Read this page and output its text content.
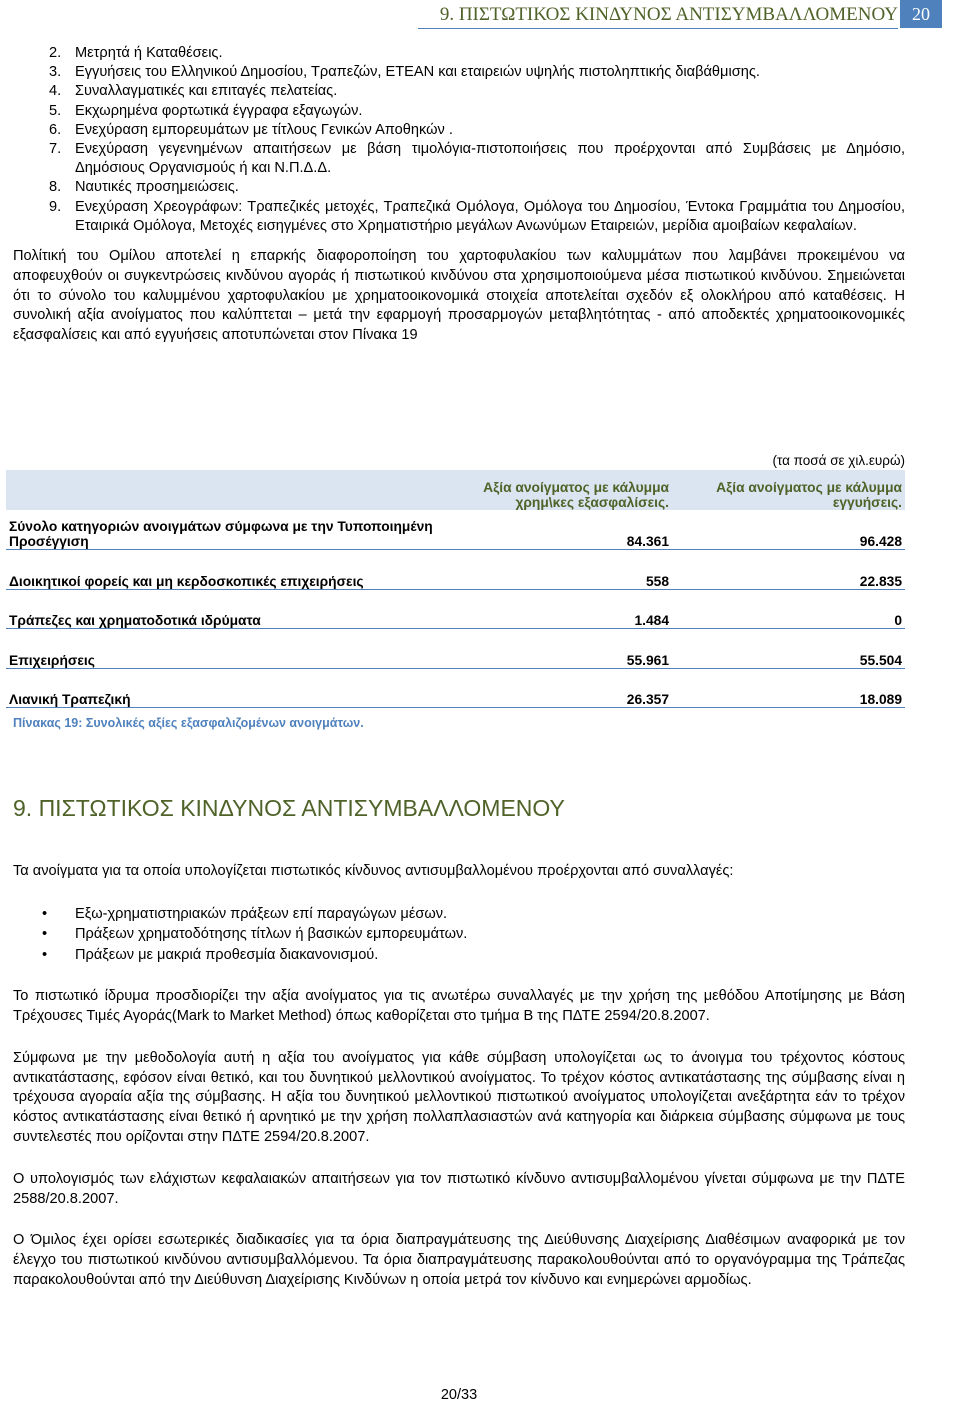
9. ΠΙΣΤΩΤΙΚΟΣ ΚΙΝΔΥΝΟΣ ΑΝΤΙΣΥΜΒΑΛΛΟΜΕΝΟΥ 20
2. Μετρητά ή Καταθέσεις.
3. Εγγυήσεις του Ελληνικού Δημοσίου, Τραπεζών, ΕΤΕΑΝ και εταιρειών υψηλής πιστοληπτικής διαβάθμισης.
4. Συναλλαγματικές και επιταγές πελατείας.
5. Εκχωρημένα φορτωτικά έγγραφα εξαγωγών.
6. Ενεχύραση εμπορευμάτων με τίτλους Γενικών Αποθηκών .
7. Ενεχύραση γεγενημένων απαιτήσεων με βάση τιμολόγια-πιστοποιήσεις που προέρχονται από Συμβάσεις με Δημόσιο, Δημόσιους Οργανισμούς ή και Ν.Π.Δ.Δ.
8. Ναυτικές προσημειώσεις.
9. Ενεχύραση Χρεογράφων: Τραπεζικές μετοχές, Τραπεζικά Ομόλογα, Ομόλογα του Δημοσίου, Έντοκα Γραμμάτια του Δημοσίου, Εταιρικά Ομόλογα, Μετοχές εισηγμένες στο Χρηματιστήριο μεγάλων Ανωνύμων Εταιρειών, μερίδια αμοιβαίων κεφαλαίων.

Πολίτική του Ομίλου αποτελεί η επαρκής διαφοροποίηση του χαρτοφυλακίου των καλυμμάτων που λαμβάνει προκειμένου να αποφευχθούν οι συγκεντρώσεις κινδύνου αγοράς ή πιστωτικού κινδύνου στα χρησιμοποιούμενα μέσα πιστωτικού κινδύνου. Σημειώνεται ότι το σύνολο του καλυμμένου χαρτοφυλακίου με χρηματοοικονομικά στοιχεία αποτελείται σχεδόν εξ ολοκλήρου από καταθέσεις. Η συνολική αξία ανοίγματος που καλύπτεται – μετά την εφαρμογή προσαρμογών μεταβλητότητας - από αποδεκτές χρηματοοικονομικές εξασφαλίσεις και από εγγυήσεις αποτυπώνεται στον Πίνακα 19

(τα ποσά σε χιλ.ευρώ)
	Αξία ανοίγματος με κάλυμμα χρημ\κες εξασφαλίσεις.	Αξία ανοίγματος με κάλυμμα εγγυήσεις.
Σύνολο κατηγοριών ανοιγμάτων σύμφωνα με την Τυποποιημένη Προσέγγιση	84.361	96.428
Διοικητικοί φορείς και μη κερδοσκοπικές επιχειρήσεις	558	22.835
Τράπεζες και χρηματοδοτικά ιδρύματα	1.484	0
Επιχειρήσεις	55.961	55.504
Λιανική Τραπεζική	26.357	18.089
Πίνακας 19: Συνολικές αξίες εξασφαλιζομένων ανοιγμάτων.
9. ΠΙΣΤΩΤΙΚΟΣ ΚΙΝΔΥΝΟΣ ΑΝΤΙΣΥΜΒΑΛΛΟΜΕΝΟΥ

Τα ανοίγματα για τα οποία υπολογίζεται πιστωτικός κίνδυνος αντισυμβαλλομένου προέρχονται από συναλλαγές:

• Εξω-χρηματιστηριακών πράξεων επί παραγώγων μέσων.
• Πράξεων χρηματοδότησης τίτλων ή βασικών εμπορευμάτων.
• Πράξεων με μακριά προθεσμία διακανονισμού.

Το πιστωτικό ίδρυμα προσδιορίζει την αξία ανοίγματος για τις ανωτέρω συναλλαγές με την χρήση της μεθόδου Αποτίμησης με Βάση Τρέχουσες Τιμές Αγοράς(Mark to Market Method) όπως καθορίζεται στο τμήμα Β της ΠΔΤΕ 2594/20.8.2007.

Σύμφωνα με την μεθοδολογία αυτή η αξία του ανοίγματος για κάθε σύμβαση υπολογίζεται ως το άνοιγμα του τρέχοντος κόστους αντικατάστασης, εφόσον είναι θετικό, και του δυνητικού μελλοντικού ανοίγματος. Το τρέχον κόστος αντικατάστασης της σύμβασης είναι η τρέχουσα αγοραία αξία της σύμβασης. Η αξία του δυνητικού μελλοντικού πιστωτικού ανοίγματος υπολογίζεται ανεξάρτητα εάν το τρέχον κόστος αντικατάστασης είναι θετικό ή αρνητικό με την χρήση πολλαπλασιαστών ανά κατηγορία και διάρκεια σύμβασης σύμφωνα με τους συντελεστές που ορίζονται στην ΠΔΤΕ 2594/20.8.2007.

Ο υπολογισμός των ελάχιστων κεφαλαιακών απαιτήσεων για τον πιστωτικό κίνδυνο αντισυμβαλλομένου γίνεται σύμφωνα με την ΠΔΤΕ 2588/20.8.2007.

Ο Όμιλος έχει ορίσει εσωτερικές διαδικασίες για τα όρια διαπραγμάτευσης της Διεύθυνσης Διαχείρισης Διαθέσιμων αναφορικά με τον έλεγχο του πιστωτικού κινδύνου αντισυμβαλλόμενου. Τα όρια διαπραγμάτευσης παρακολουθούνται από το οργανόγραμμα της Τράπεζας παρακολουθούνται από την Διεύθυνση Διαχείρισης Κινδύνων η οποία μετρά τον κίνδυνο και ενημερώνει αρμοδίως.

20/33
